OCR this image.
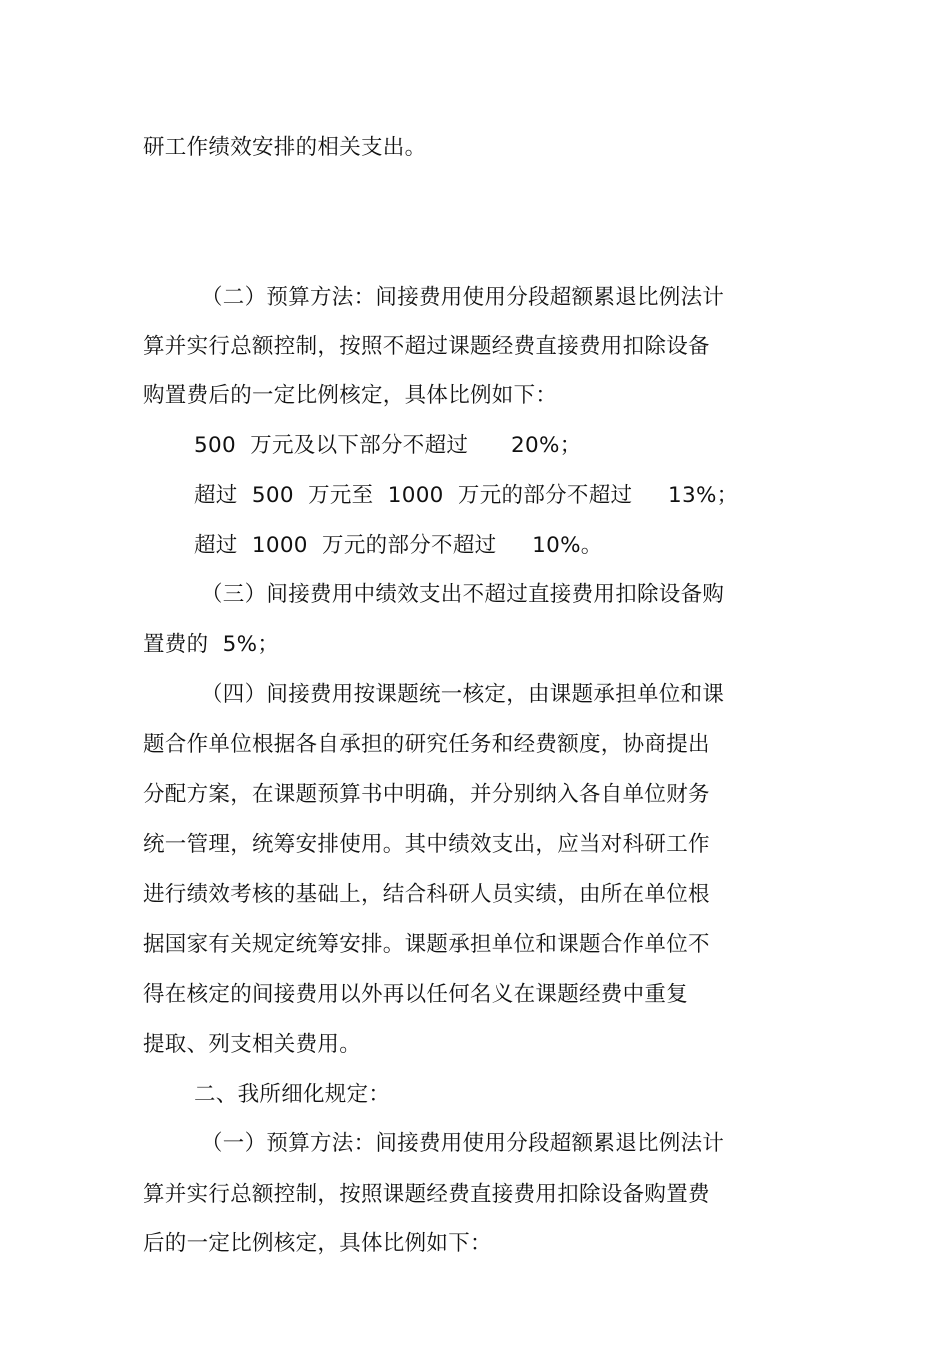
研工作绩效安排的相关支出。
（二）预算方法：间接费用使用分段超额累退比例法计
算并实行总额控制，按照不超过课题经费直接费用扣除设备
购置费后的一定比例核定，具体比例如下：
500  万元及以下部分不超过      20%；
超过  500  万元至  1000  万元的部分不超过     13%；
超过  1000  万元的部分不超过     10%。
（三）间接费用中绩效支出不超过直接费用扣除设备购
置费的  5%；
（四）间接费用按课题统一核定，由课题承担单位和课
题合作单位根据各自承担的研究任务和经费额度，协商提出
分配方案，在课题预算书中明确，并分别纳入各自单位财务
统一管理，统筹安排使用。其中绩效支出，应当对科研工作
进行绩效考核的基础上，结合科研人员实绩，由所在单位根
据国家有关规定统筹安排。课题承担单位和课题合作单位不
得在核定的间接费用以外再以任何名义在课题经费中重复
提取、列支相关费用。
二、我所细化规定：
（一）预算方法：间接费用使用分段超额累退比例法计
算并实行总额控制，按照课题经费直接费用扣除设备购置费
后的一定比例核定，具体比例如下：
